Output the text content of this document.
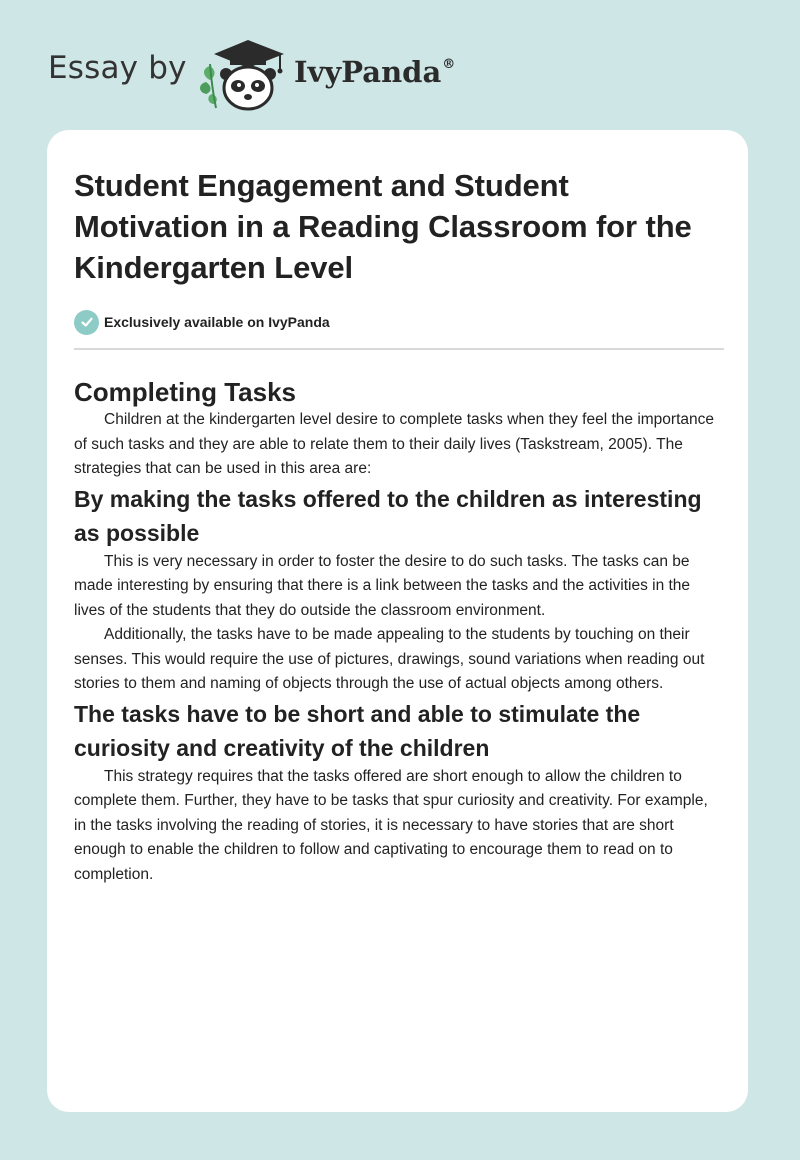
Essay by	IvyPanda®
Student Engagement and Student Motivation in a Reading Classroom for the Kindergarten Level
Exclusively available on IvyPanda
Completing Tasks

Children at the kindergarten level desire to complete tasks when they feel the importance of such tasks and they are able to relate them to their daily lives (Taskstream, 2005). The strategies that can be used in this area are:

By making the tasks offered to the children as interesting as possible

This is very necessary in order to foster the desire to do such tasks. The tasks can be made interesting by ensuring that there is a link between the tasks and the activities in the lives of the students that they do outside the classroom environment.

Additionally, the tasks have to be made appealing to the students by touching on their senses. This would require the use of pictures, drawings, sound variations when reading out stories to them and naming of objects through the use of actual objects among others.

The tasks have to be short and able to stimulate the curiosity and creativity of the children

This strategy requires that the tasks offered are short enough to allow the children to complete them. Further, they have to be tasks that spur curiosity and creativity. For example, in the tasks involving the reading of stories, it is necessary to have stories that are short enough to enable the children to follow and captivating to encourage them to read on to completion.
